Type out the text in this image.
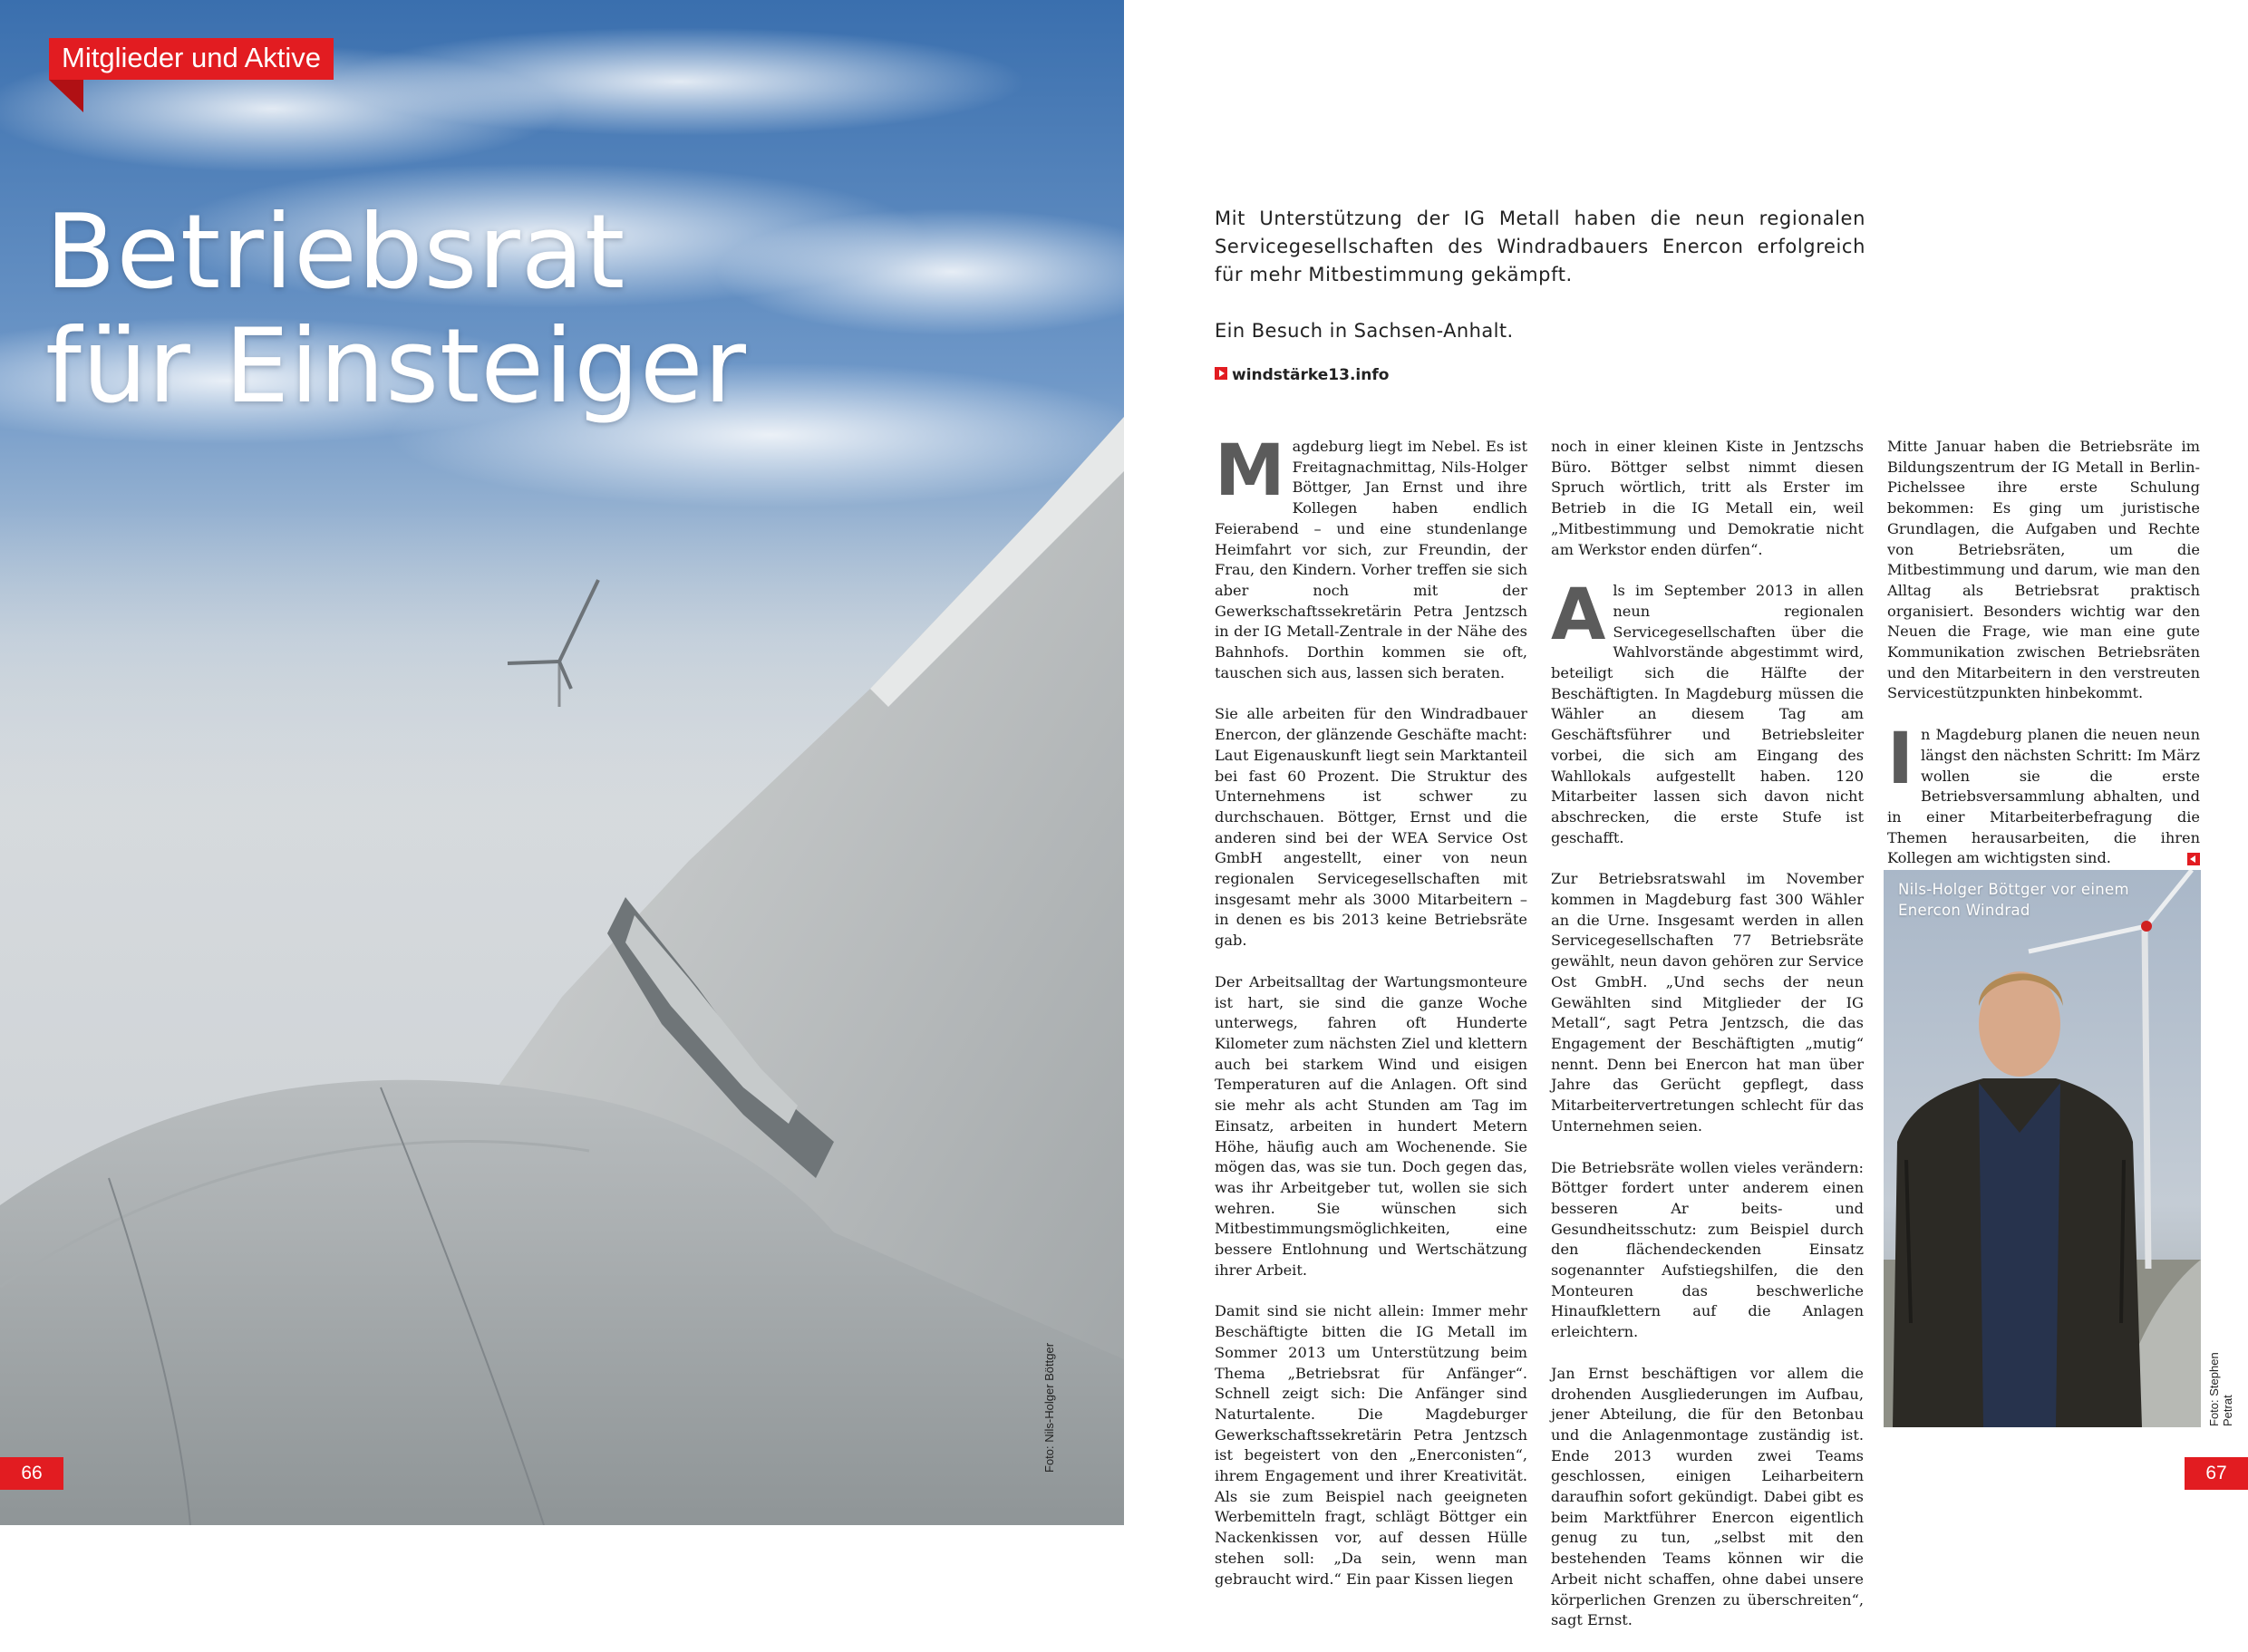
Mitglieder und Aktive
Betriebsrat
für Einsteiger
Foto: Nils-Holger Böttger
66

Mit Unterstützung der IG Metall haben die neun regionalen Servicegesellschaften des Windradbauers Enercon erfolgreich für mehr Mitbestimmung gekämpft.

Ein Besuch in Sachsen-Anhalt.

windstärke13.info

Magdeburg liegt im Nebel. Es ist Freitagnachmittag, Nils-Holger Böttger, Jan Ernst und ihre Kollegen haben endlich Feierabend – und eine stundenlange Heimfahrt vor sich, zur Freundin, der Frau, den Kindern. Vorher treffen sie sich aber noch mit der Gewerkschaftssekretärin Petra Jentzsch in der IG Metall-Zentrale in der Nähe des Bahnhofs. Dorthin kommen sie oft, tauschen sich aus, lassen sich beraten.

Sie alle arbeiten für den Windradbauer Enercon, der glänzende Geschäfte macht: Laut Eigenauskunft liegt sein Marktanteil bei fast 60 Prozent. Die Struktur des Unternehmens ist schwer zu durchschauen. Böttger, Ernst und die anderen sind bei der WEA Service Ost GmbH angestellt, einer von neun regionalen Servicegesellschaften mit insgesamt mehr als 3000 Mitarbeitern – in denen es bis 2013 keine Betriebsräte gab.

Der Arbeitsalltag der Wartungsmonteure ist hart, sie sind die ganze Woche unterwegs, fahren oft Hunderte Kilometer zum nächsten Ziel und klettern auch bei starkem Wind und eisigen Temperaturen auf die Anlagen. Oft sind sie mehr als acht Stunden am Tag im Einsatz, arbeiten in hundert Metern Höhe, häufig auch am Wochenende. Sie mögen das, was sie tun. Doch gegen das, was ihr Arbeitgeber tut, wollen sie sich wehren. Sie wünschen sich Mitbestimmungsmöglichkeiten, eine bessere Entlohnung und Wertschätzung ihrer Arbeit.

Damit sind sie nicht allein: Immer mehr Beschäftigte bitten die IG Metall im Sommer 2013 um Unterstützung beim Thema „Betriebsrat für Anfänger“. Schnell zeigt sich: Die Anfänger sind Naturtalente. Die Magdeburger Gewerkschaftssekretärin Petra Jentzsch ist begeistert von den „Enerconisten“, ihrem Engagement und ihrer Kreativität. Als sie zum Beispiel nach geeigneten Werbemitteln fragt, schlägt Böttger ein Nackenkissen vor, auf dessen Hülle stehen soll: „Da sein, wenn man gebraucht wird.“ Ein paar Kissen liegen

noch in einer kleinen Kiste in Jentzschs Büro. Böttger selbst nimmt diesen Spruch wörtlich, tritt als Erster im Betrieb in die IG Metall ein, weil „Mitbestimmung und Demokratie nicht am Werkstor enden dürfen“.

Als im September 2013 in allen neun regionalen Servicegesellschaften über die Wahlvorstände abgestimmt wird, beteiligt sich die Hälfte der Beschäftigten. In Magdeburg müssen die Wähler an diesem Tag am Geschäftsführer und Betriebsleiter vorbei, die sich am Eingang des Wahllokals aufgestellt haben. 120 Mitarbeiter lassen sich davon nicht abschrecken, die erste Stufe ist geschafft.

Zur Betriebsratswahl im November kommen in Magdeburg fast 300 Wähler an die Urne. Insgesamt werden in allen Servicegesellschaften 77 Betriebsräte gewählt, neun davon gehören zur Service Ost GmbH. „Und sechs der neun Gewählten sind Mitglieder der IG Metall“, sagt Petra Jentzsch, die das Engagement der Beschäftigten „mutig“ nennt. Denn bei Enercon hat man über Jahre das Gerücht gepflegt, dass Mitarbeitervertretungen schlecht für das Unternehmen seien.

Die Betriebsräte wollen vieles verändern: Böttger fordert unter anderem einen besseren Ar beits- und Gesundheitsschutz: zum Beispiel durch den flächendeckenden Einsatz sogenannter Aufstiegshilfen, die den Monteuren das beschwerliche Hinaufklettern auf die Anlagen erleichtern.

Jan Ernst beschäftigen vor allem die drohenden Ausgliederungen im Aufbau, jener Abteilung, die für den Betonbau und die Anlagenmontage zuständig ist. Ende 2013 wurden zwei Teams geschlossen, einigen Leiharbeitern daraufhin sofort gekündigt. Dabei gibt es beim Marktführer Enercon eigentlich genug zu tun, „selbst mit den bestehenden Teams können wir die Arbeit nicht schaffen, ohne dabei unsere körperlichen Grenzen zu überschreiten“, sagt Ernst.

Mitte Januar haben die Betriebsräte im Bildungszentrum der IG Metall in Berlin-Pichelssee ihre erste Schulung bekommen: Es ging um juristische Grundlagen, die Aufgaben und Rechte von Betriebsräten, um die Mitbestimmung und darum, wie man den Alltag als Betriebsrat praktisch organisiert. Besonders wichtig war den Neuen die Frage, wie man eine gute Kommunikation zwischen Betriebsräten und den Mitarbeitern in den verstreuten Servicestützpunkten hinbekommt.

In Magdeburg planen die neuen neun längst den nächsten Schritt: Im März wollen sie die erste Betriebsversammlung abhalten, und in einer Mitarbeiterbefragung die Themen herausarbeiten, die ihren Kollegen am wichtigsten sind.

Nils-Holger Böttger vor einem Enercon Windrad
Foto: Stephen Petrat
67
